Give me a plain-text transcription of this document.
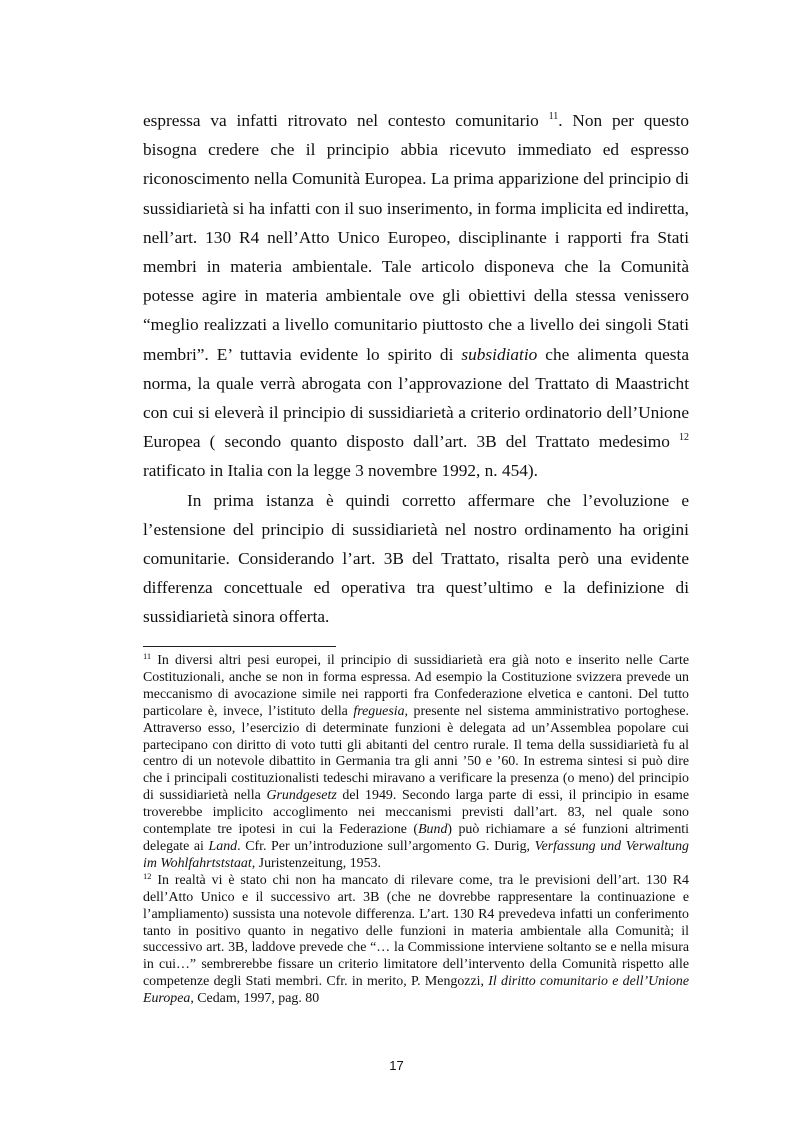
espressa va infatti ritrovato nel contesto comunitario $^{11}$. Non per questo bisogna credere che il principio abbia ricevuto immediato ed espresso riconoscimento nella Comunità Europea. La prima apparizione del principio di sussidiarietà si ha infatti con il suo inserimento, in forma implicita ed indiretta, nell’art. 130 R4 nell’Atto Unico Europeo, disciplinante i rapporti fra Stati membri in materia ambientale. Tale articolo disponeva che la Comunità potesse agire in materia ambientale ove gli obiettivi della stessa venissero “meglio realizzati a livello comunitario piuttosto che a livello dei singoli Stati membri”. E’ tuttavia evidente lo spirito di subsidiatio che alimenta questa norma, la quale verrà abrogata con l’approvazione del Trattato di Maastricht con cui si eleverà il principio di sussidiarietà a criterio ordinatorio dell’Unione Europea ( secondo quanto disposto dall’art. 3B del Trattato medesimo $^{12}$ ratificato in Italia con la legge 3 novembre 1992, n. 454).

In prima istanza è quindi corretto affermare che l’evoluzione e l’estensione del principio di sussidiarietà nel nostro ordinamento ha origini comunitarie. Considerando l’art. 3B del Trattato, risalta però una evidente differenza concettuale ed operativa tra quest’ultimo e la definizione di sussidiarietà sinora offerta.

$^{11}$ In diversi altri pesi europei, il principio di sussidiarietà era già noto e inserito nelle Carte Costituzionali, anche se non in forma espressa. Ad esempio la Costituzione svizzera prevede un meccanismo di avocazione simile nei rapporti fra Confederazione elvetica e cantoni. Del tutto particolare è, invece, l’istituto della freguesia, presente nel sistema amministrativo portoghese. Attraverso esso, l’esercizio di determinate funzioni è delegata ad un’Assemblea popolare cui partecipano con diritto di voto tutti gli abitanti del centro rurale. Il tema della sussidiarietà fu al centro di un notevole dibattito in Germania tra gli anni ’50 e ’60. In estrema sintesi si può dire che i principali costituzionalisti tedeschi miravano a verificare la presenza (o meno) del principio di sussidiarietà nella Grundgesetz del 1949. Secondo larga parte di essi, il principio in esame troverebbe implicito accoglimento nei meccanismi previsti dall’art. 83, nel quale sono contemplate tre ipotesi in cui la Federazione (Bund) può richiamare a sé funzioni altrimenti delegate ai Land. Cfr. Per un’introduzione sull’argomento G. Durig, Verfassung und Verwaltung im Wohlfahrtststaat, Juristenzeitung, 1953.

$^{12}$ In realtà vi è stato chi non ha mancato di rilevare come, tra le previsioni dell’art. 130 R4 dell’Atto Unico e il successivo art. 3B (che ne dovrebbe rappresentare la continuazione e l’ampliamento) sussista una notevole differenza. L’art. 130 R4 prevedeva infatti un conferimento tanto in positivo quanto in negativo delle funzioni in materia ambientale alla Comunità; il successivo art. 3B, laddove prevede che “… la Commissione interviene soltanto se e nella misura in cui…” sembrerebbe fissare un criterio limitatore dell’intervento della Comunità rispetto alle competenze degli Stati membri. Cfr. in merito, P. Mengozzi, Il diritto comunitario e dell’Unione Europea, Cedam, 1997, pag. 80

17
